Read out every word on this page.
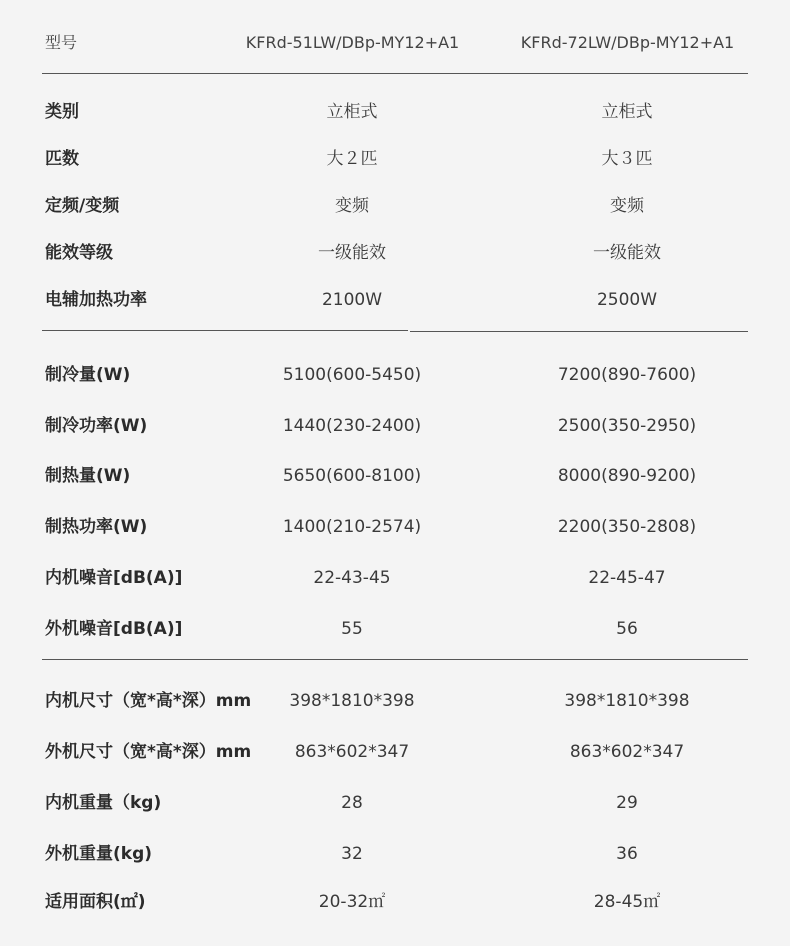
型号	KFRd-51LW/DBp-MY12+A1	KFRd-72LW/DBp-MY12+A1
类别	立柜式	立柜式
匹数	大２匹	大３匹
定频/变频	变频	变频
能效等级	一级能效	一级能效
电辅加热功率	2100W	2500W
制冷量(W)	5100(600-5450)	7200(890-7600)
制冷功率(W)	1440(230-2400)	2500(350-2950)
制热量(W)	5650(600-8100)	8000(890-9200)
制热功率(W)	1400(210-2574)	2200(350-2808)
内机噪音[dB(A)]	22-43-45	22-45-47
外机噪音[dB(A)]	55	56
内机尺寸（宽*高*深）mm	398*1810*398	398*1810*398
外机尺寸（宽*高*深）mm	863*602*347	863*602*347
内机重量（kg)	28	29
外机重量(kg)	32	36
适用面积(㎡)	20-32㎡	28-45㎡
